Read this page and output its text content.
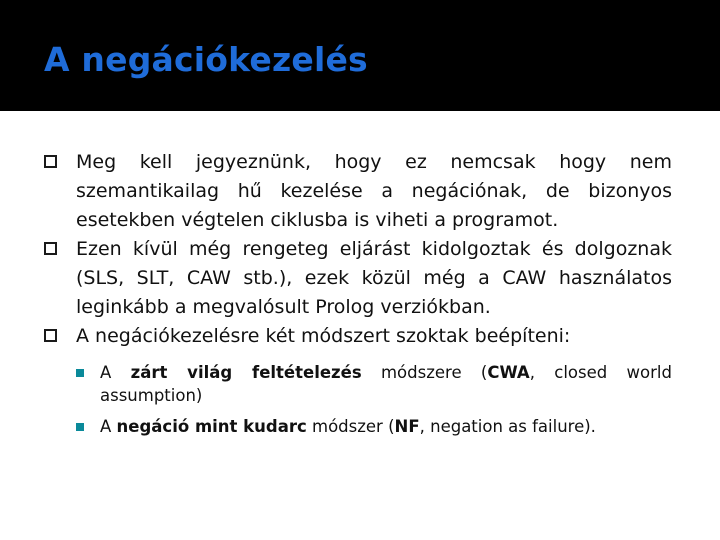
A negációkezelés
Meg kell jegyeznünk, hogy ez nemcsak hogy nem szemantikailag hű kezelése a negációnak, de bizonyos esetekben végtelen ciklusba is viheti a programot.
Ezen kívül még rengeteg eljárást kidolgoztak és dolgoznak (SLS, SLT, CAW stb.), ezek közül még a CAW használatos leginkább a megvalósult Prolog verziókban.
A negációkezelésre két módszert szoktak beépíteni:
A zárt világ feltételezés módszere (CWA, closed world assumption)
A negáció mint kudarc módszer (NF, negation as failure).
